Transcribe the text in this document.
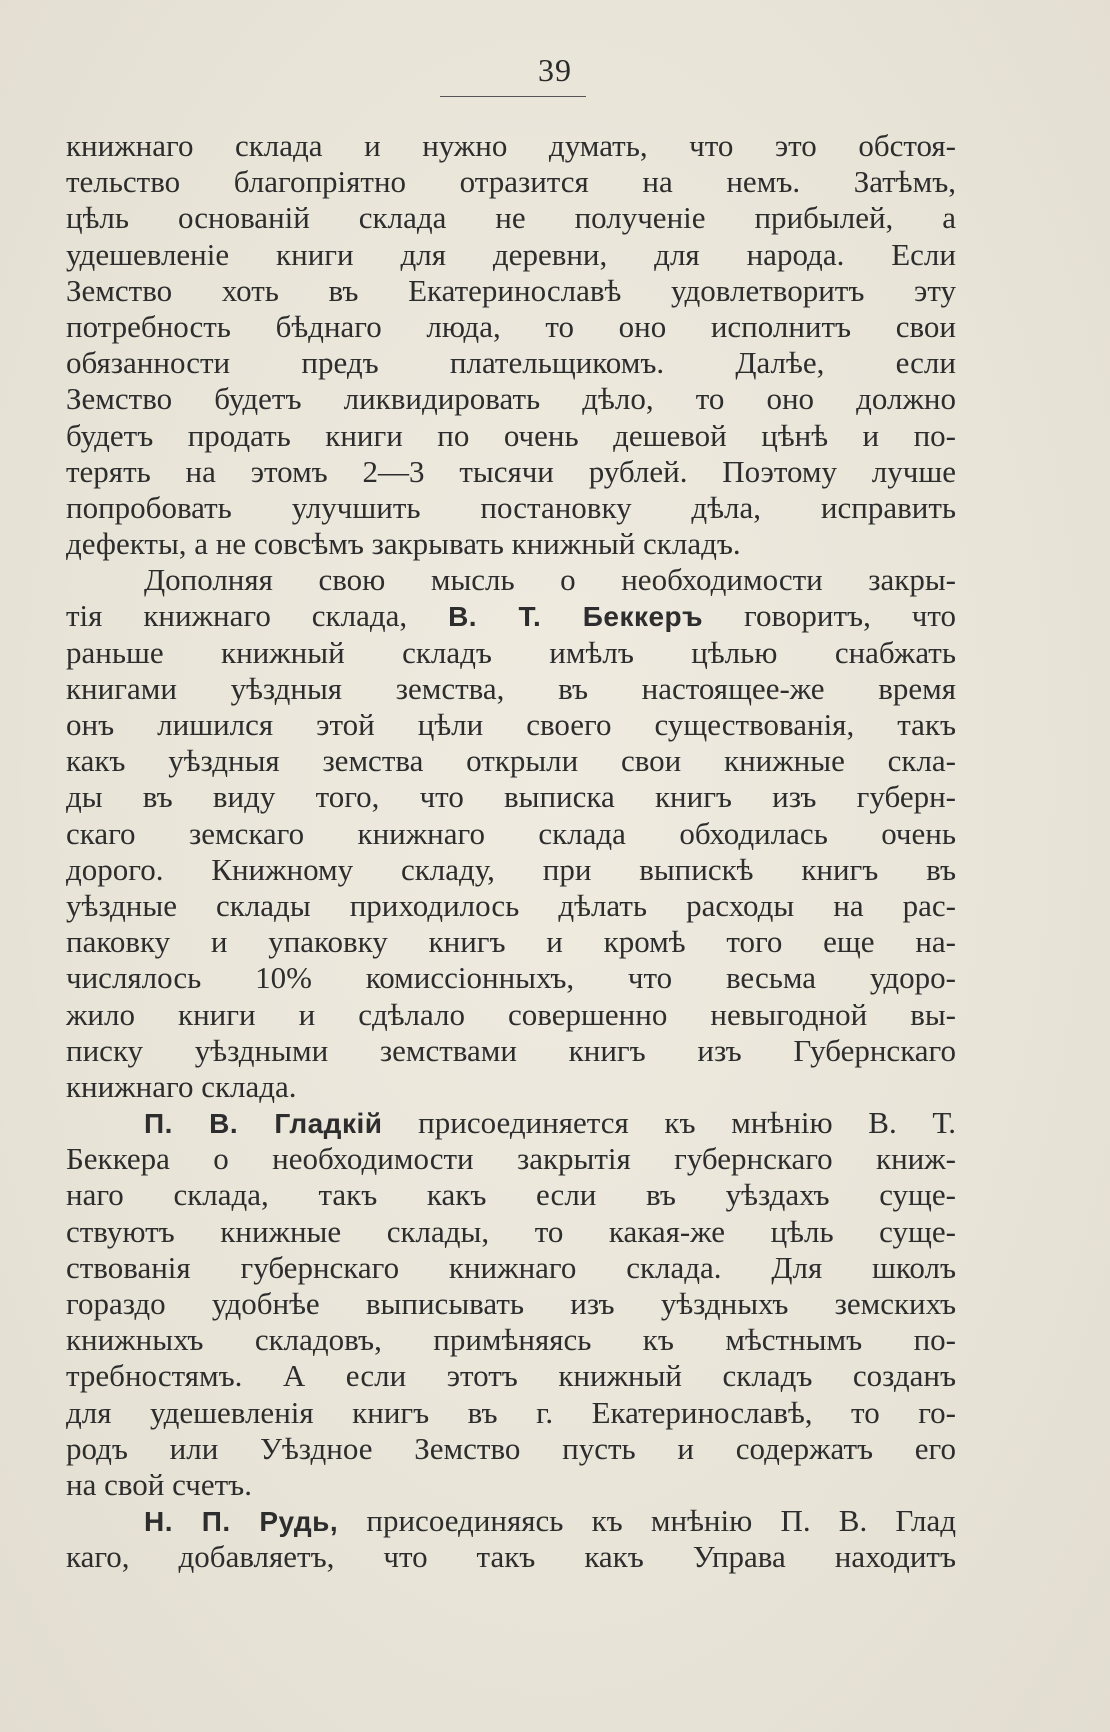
39
книжнаго склада и нужно думать, что это обстоя-
тельство благопріятно отразится на немъ. Затѣмъ,
цѣль основаній склада не полученіе прибылей, а
удешевленіе книги для деревни, для народа. Если
Земство хоть въ Екатеринославѣ удовлетворитъ эту
потребность бѣднаго люда, то оно исполнитъ свои
обязанности предъ плательщикомъ. Далѣе, если
Земство будетъ ликвидировать дѣло, то оно должно
будетъ продать книги по очень дешевой цѣнѣ и по-
терять на этомъ 2—3 тысячи рублей. Поэтому лучше
попробовать улучшить постановку дѣла, исправить
дефекты, а не совсѣмъ закрывать книжный складъ.
Дополняя свою мысль о необходимости закры-
тія книжнаго склада, В. Т. Беккеръ говоритъ, что
раньше книжный складъ имѣлъ цѣлью снабжать
книгами уѣздныя земства, въ настоящее-же время
онъ лишился этой цѣли своего существованія, такъ
какъ уѣздныя земства открыли свои книжные скла-
ды въ виду того, что выписка книгъ изъ губерн-
скаго земскаго книжнаго склада обходилась очень
дорого. Книжному складу, при выпискѣ книгъ въ
уѣздные склады приходилось дѣлать расходы на рас-
паковку и упаковку книгъ и кромѣ того еще на-
числялось 10% комиссіонныхъ, что весьма удоро-
жило книги и сдѣлало совершенно невыгодной вы-
писку уѣздными земствами книгъ изъ Губернскаго
книжнаго склада.
П. В. Гладкій присоединяется къ мнѣнію В. Т.
Беккера о необходимости закрытія губернскаго книж-
наго склада, такъ какъ если въ уѣздахъ суще-
ствуютъ книжные склады, то какая-же цѣль суще-
ствованія губернскаго книжнаго склада. Для школъ
гораздо удобнѣе выписывать изъ уѣздныхъ земскихъ
книжныхъ складовъ, примѣняясь къ мѣстнымъ по-
требностямъ. А если этотъ книжный складъ созданъ
для удешевленія книгъ въ г. Екатеринославѣ, то го-
родъ или Уѣздное Земство пусть и содержатъ его
на свой счетъ.
Н. П. Рудь, присоединяясь къ мнѣнію П. В. Глад
каго, добавляетъ, что такъ какъ Управа находитъ
